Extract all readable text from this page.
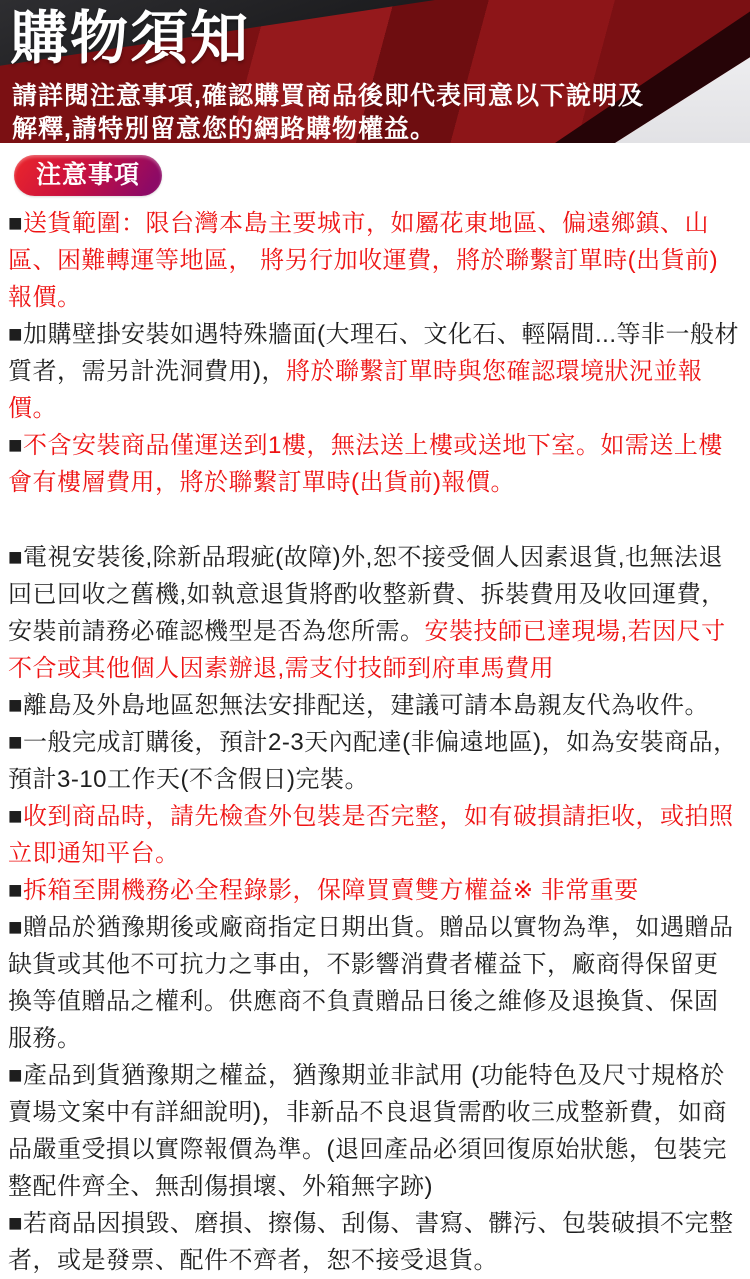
購物須知

請詳閱注意事項,確認購買商品後即代表同意以下說明及
解釋,請特別留意您的網路購物權益。

注意事項

■送貨範圍：限台灣本島主要城市，如屬花東地區、偏遠鄉鎮、山區、困難轉運等地區， 將另行加收運費，將於聯繫訂單時(出貨前)報價。

■加購壁掛安裝如遇特殊牆面(大理石、文化石、輕隔間...等非一般材質者，需另計洗洞費用)，將於聯繫訂單時與您確認環境狀況並報價。

■不含安裝商品僅運送到1樓，無法送上樓或送地下室。如需送上樓會有樓層費用，將於聯繫訂單時(出貨前)報價。

■電視安裝後,除新品瑕疵(故障)外,恕不接受個人因素退貨,也無法退回已回收之舊機,如執意退貨將酌收整新費、拆裝費用及收回運費，安裝前請務必確認機型是否為您所需。安裝技師已達現場,若因尺寸不合或其他個人因素辦退,需支付技師到府車馬費用

■離島及外島地區恕無法安排配送，建議可請本島親友代為收件。

■一般完成訂購後，預計2-3天內配達(非偏遠地區)，如為安裝商品，預計3-10工作天(不含假日)完裝。

■收到商品時，請先檢查外包裝是否完整，如有破損請拒收，或拍照立即通知平台。

■拆箱至開機務必全程錄影，保障買賣雙方權益※ 非常重要

■贈品於猶豫期後或廠商指定日期出貨。贈品以實物為準，如遇贈品缺貨或其他不可抗力之事由，不影響消費者權益下，廠商得保留更換等值贈品之權利。供應商不負責贈品日後之維修及退換貨、保固服務。

■產品到貨猶豫期之權益，猶豫期並非試用 (功能特色及尺寸規格於賣場文案中有詳細說明)，非新品不良退貨需酌收三成整新費，如商品嚴重受損以實際報價為準。(退回產品必須回復原始狀態，包裝完整配件齊全、無刮傷損壞、外箱無字跡)

■若商品因損毀、磨損、擦傷、刮傷、書寫、髒污、包裝破損不完整者，或是發票、配件不齊者，恕不接受退貨。
